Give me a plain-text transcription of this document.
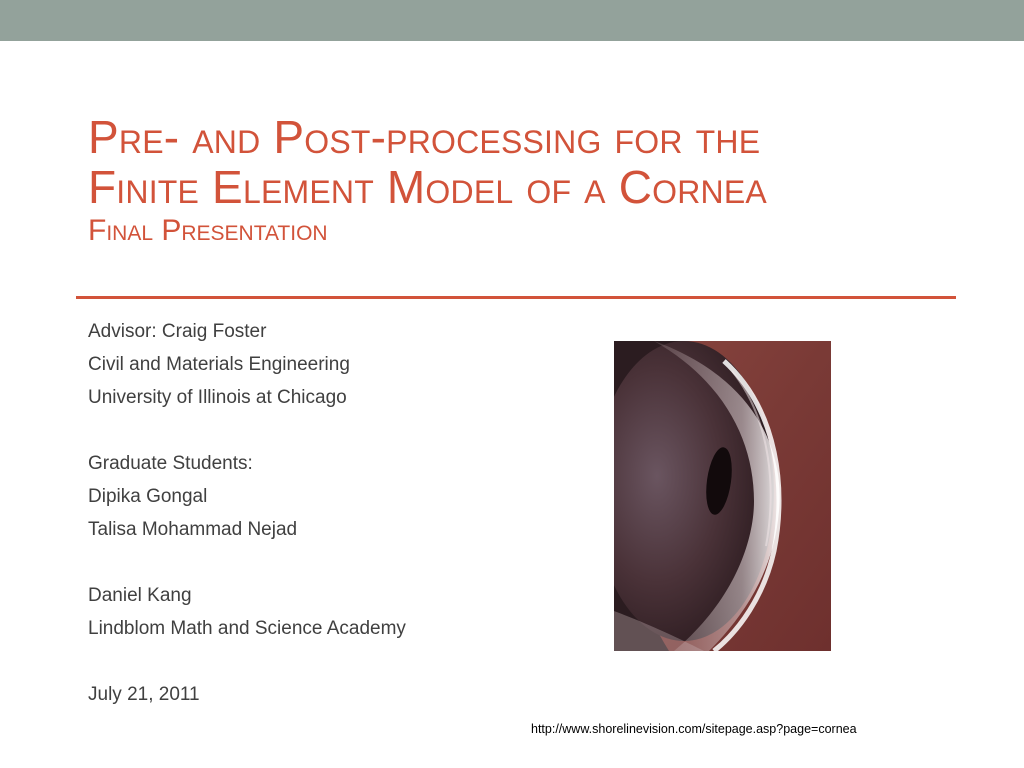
Pre- and Post-processing for the
Finite Element Model of a Cornea
Final Presentation
Advisor: Craig Foster
Civil and Materials Engineering
University of Illinois at Chicago
Graduate Students:
Dipika Gongal
Talisa Mohammad Nejad
Daniel Kang
Lindblom Math and Science Academy
July 21, 2011
http://www.shorelinevision.com/sitepage.asp?page=cornea
